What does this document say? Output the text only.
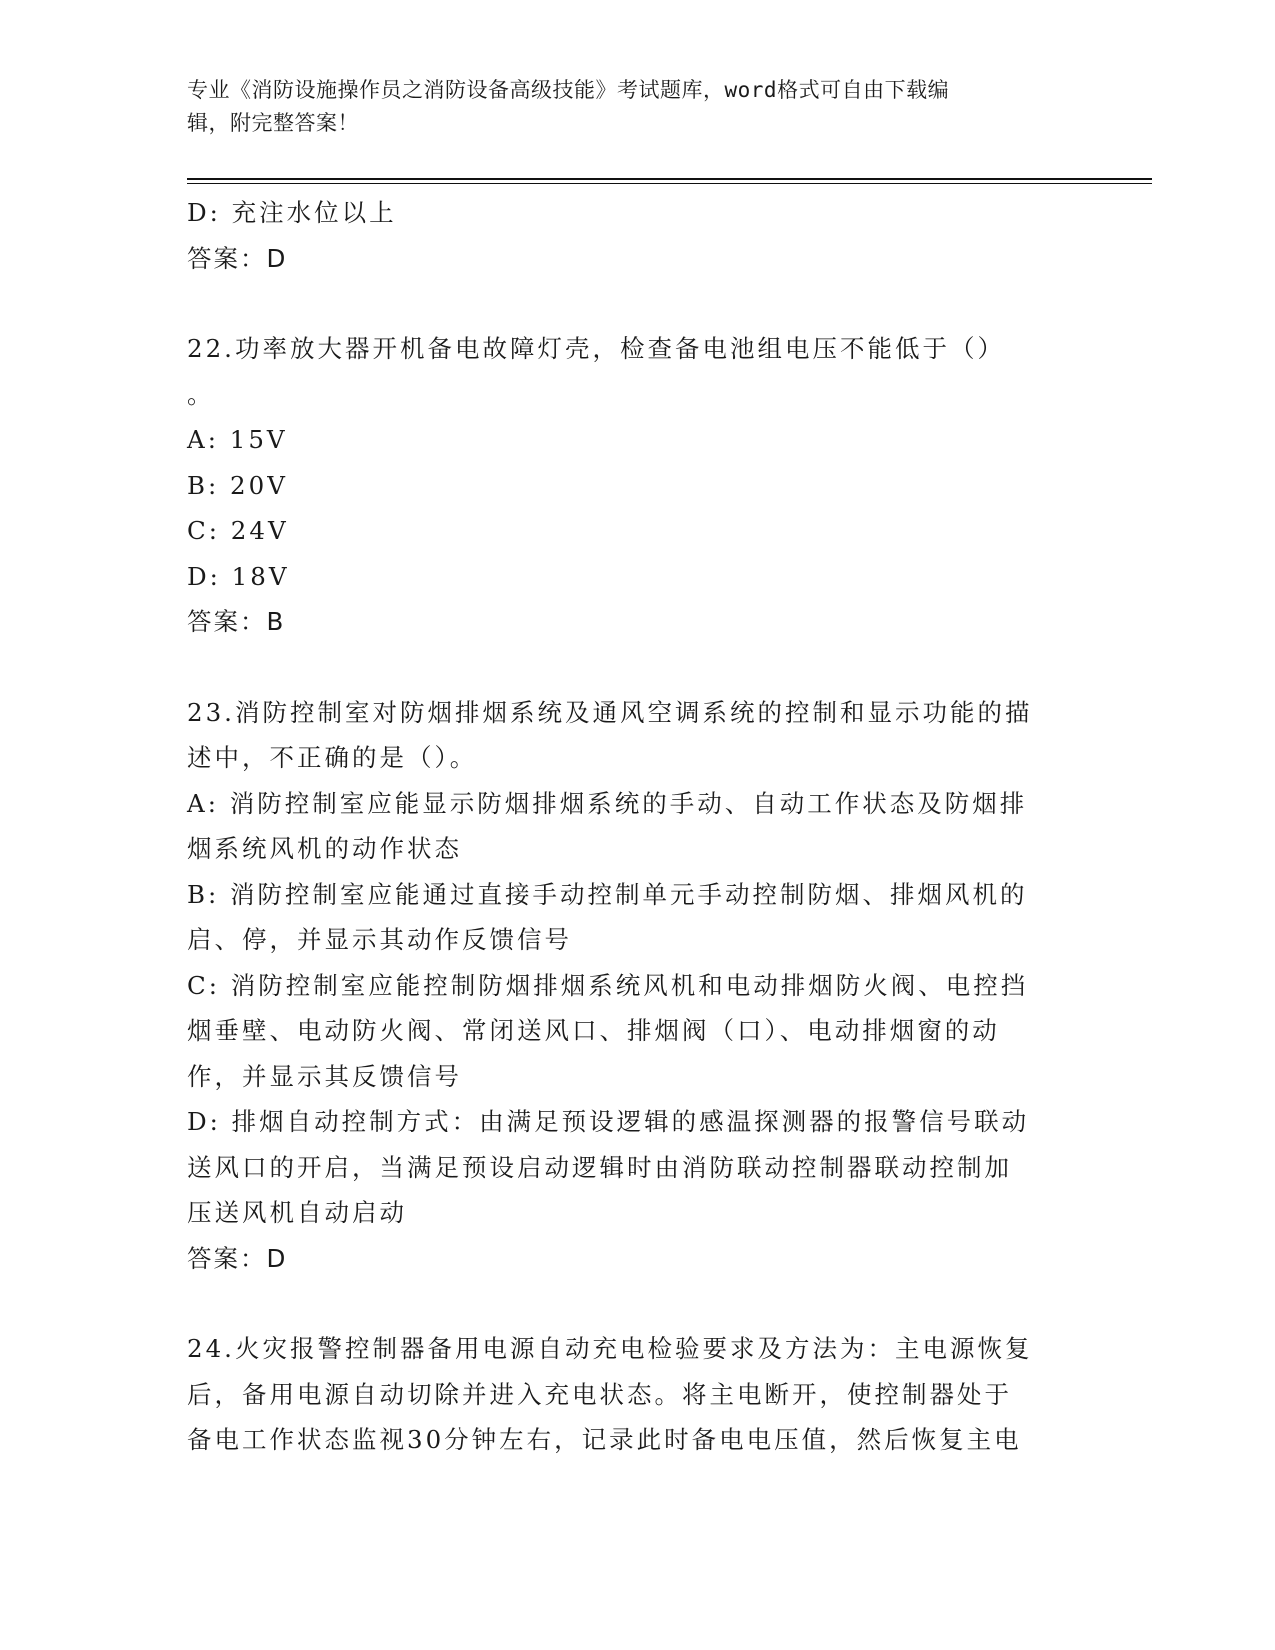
专业《消防设施操作员之消防设备高级技能》考试题库，word格式可自由下载编

辑，附完整答案！

D: 充注水位以上

答案：D

22.功率放大器开机备电故障灯壳，检查备电池组电压不能低于（）

。

A: 15V

B: 20V

C: 24V

D: 18V

答案：B

23.消防控制室对防烟排烟系统及通风空调系统的控制和显示功能的描

述中，不正确的是（）。

A: 消防控制室应能显示防烟排烟系统的手动、自动工作状态及防烟排

烟系统风机的动作状态

B: 消防控制室应能通过直接手动控制单元手动控制防烟、排烟风机的

启、停，并显示其动作反馈信号

C: 消防控制室应能控制防烟排烟系统风机和电动排烟防火阀、电控挡

烟垂壁、电动防火阀、常闭送风口、排烟阀（口）、电动排烟窗的动

作，并显示其反馈信号

D: 排烟自动控制方式：由满足预设逻辑的感温探测器的报警信号联动

送风口的开启，当满足预设启动逻辑时由消防联动控制器联动控制加

压送风机自动启动

答案：D

24.火灾报警控制器备用电源自动充电检验要求及方法为：主电源恢复

后，备用电源自动切除并进入充电状态。将主电断开，使控制器处于

备电工作状态监视30分钟左右，记录此时备电电压值，然后恢复主电
